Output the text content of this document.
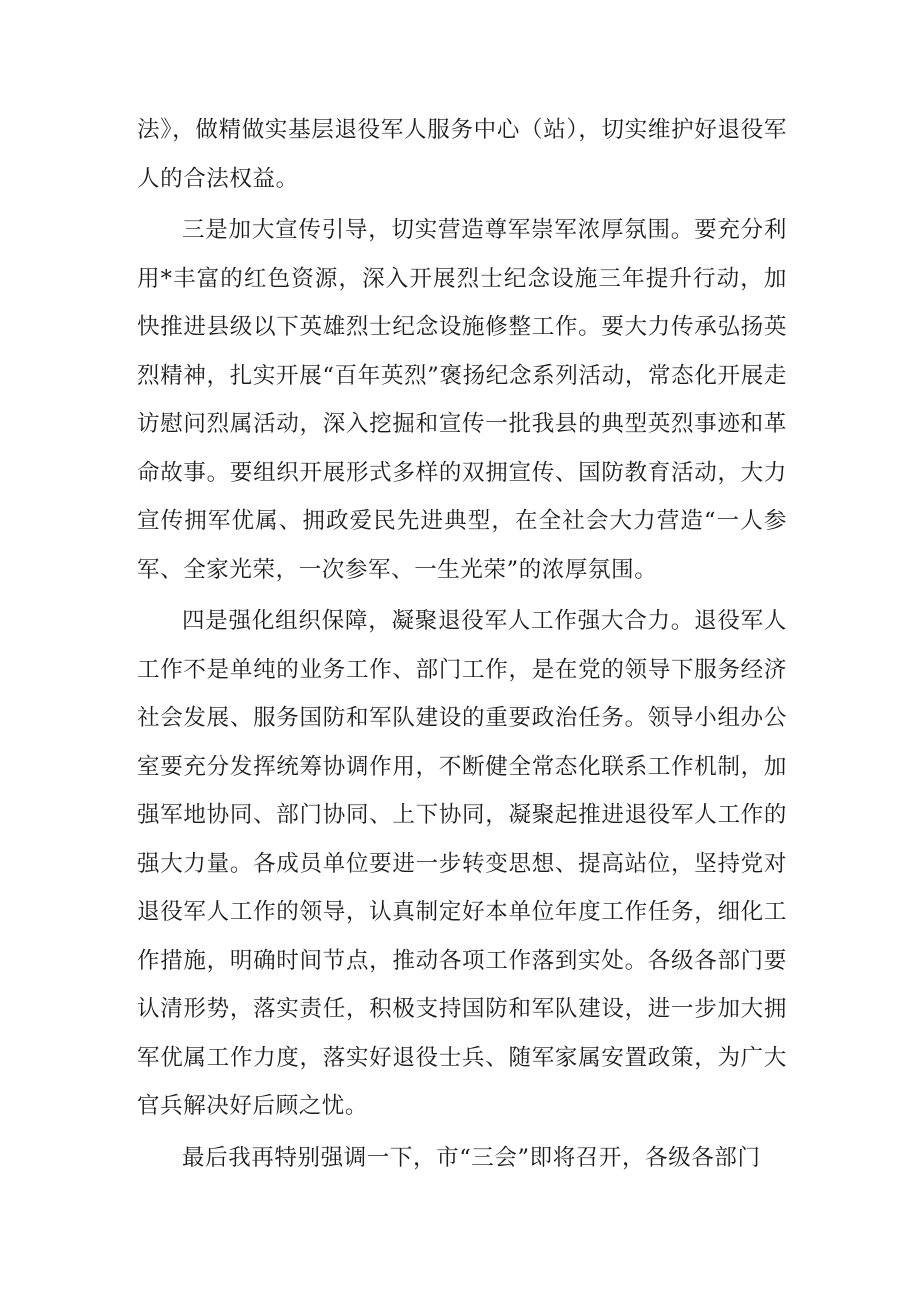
法》，做精做实基层退役军人服务中心（站），切实维护好退役军人的合法权益。

三是加大宣传引导，切实营造尊军崇军浓厚氛围。要充分利用*丰富的红色资源，深入开展烈士纪念设施三年提升行动，加快推进县级以下英雄烈士纪念设施修整工作。要大力传承弘扬英烈精神，扎实开展“百年英烈”褒扬纪念系列活动，常态化开展走访慰问烈属活动，深入挖掘和宣传一批我县的典型英烈事迹和革命故事。要组织开展形式多样的双拥宣传、国防教育活动，大力宣传拥军优属、拥政爱民先进典型，在全社会大力营造“一人参军、全家光荣，一次参军、一生光荣”的浓厚氛围。

四是强化组织保障，凝聚退役军人工作强大合力。退役军人工作不是单纯的业务工作、部门工作，是在党的领导下服务经济社会发展、服务国防和军队建设的重要政治任务。领导小组办公室要充分发挥统筹协调作用，不断健全常态化联系工作机制，加强军地协同、部门协同、上下协同，凝聚起推进退役军人工作的强大力量。各成员单位要进一步转变思想、提高站位，坚持党对退役军人工作的领导，认真制定好本单位年度工作任务，细化工作措施，明确时间节点，推动各项工作落到实处。各级各部门要认清形势，落实责任，积极支持国防和军队建设，进一步加大拥军优属工作力度，落实好退役士兵、随军家属安置政策，为广大官兵解决好后顾之忧。

最后我再特别强调一下，市“三会”即将召开，各级各部门
